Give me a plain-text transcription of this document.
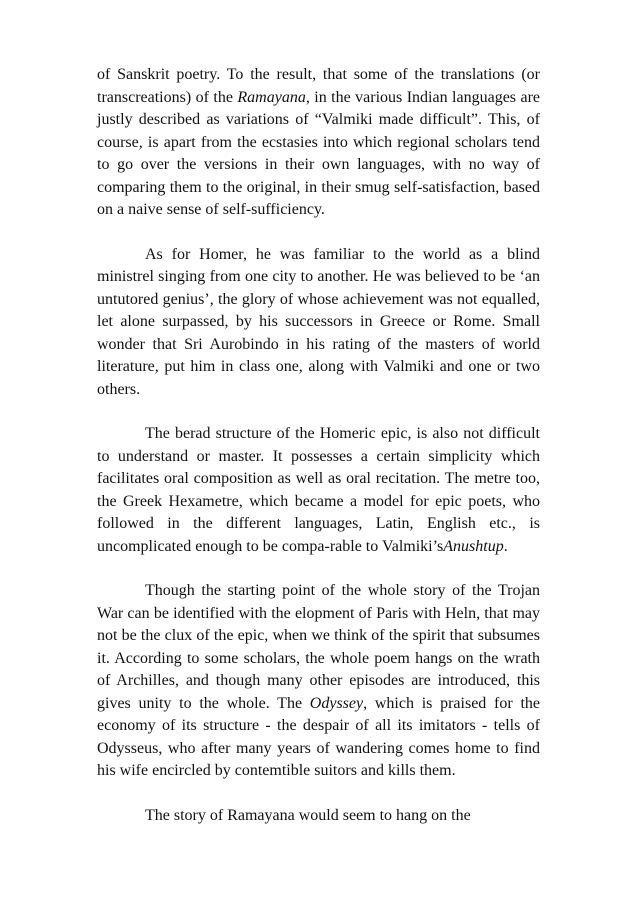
of Sanskrit poetry. To the result, that some of the translations (or transcreations) of the Ramayana, in the various Indian languages are justly described as variations of “Valmiki made difficult”. This, of course, is apart from the ecstasies into which regional scholars tend to go over the versions in their own languages, with no way of comparing them to the original, in their smug self-satisfaction, based on a naive sense of self-sufficiency.

As for Homer, he was familiar to the world as a blind ministrel singing from one city to another. He was believed to be ‘an untutored genius’, the glory of whose achievement was not equalled, let alone surpassed, by his successors in Greece or Rome. Small wonder that Sri Aurobindo in his rating of the masters of world literature, put him in class one, along with Valmiki and one or two others.

The berad structure of the Homeric epic, is also not difficult to understand or master. It possesses a certain simplicity which facilitates oral composition as well as oral recitation. The metre too, the Greek Hexametre, which became a model for epic poets, who followed in the different languages, Latin, English etc., is uncomplicated enough to be compa-rable to Valmiki’sAnushtup.

Though the starting point of the whole story of the Trojan War can be identified with the elopment of Paris with Heln, that may not be the clux of the epic, when we think of the spirit that subsumes it. According to some scholars, the whole poem hangs on the wrath of Archilles, and though many other episodes are introduced, this gives unity to the whole. The Odyssey, which is praised for the economy of its structure - the despair of all its imitators - tells of Odysseus, who after many years of wandering comes home to find his wife encircled by contemtible suitors and kills them.

The story of Ramayana would seem to hang on the
